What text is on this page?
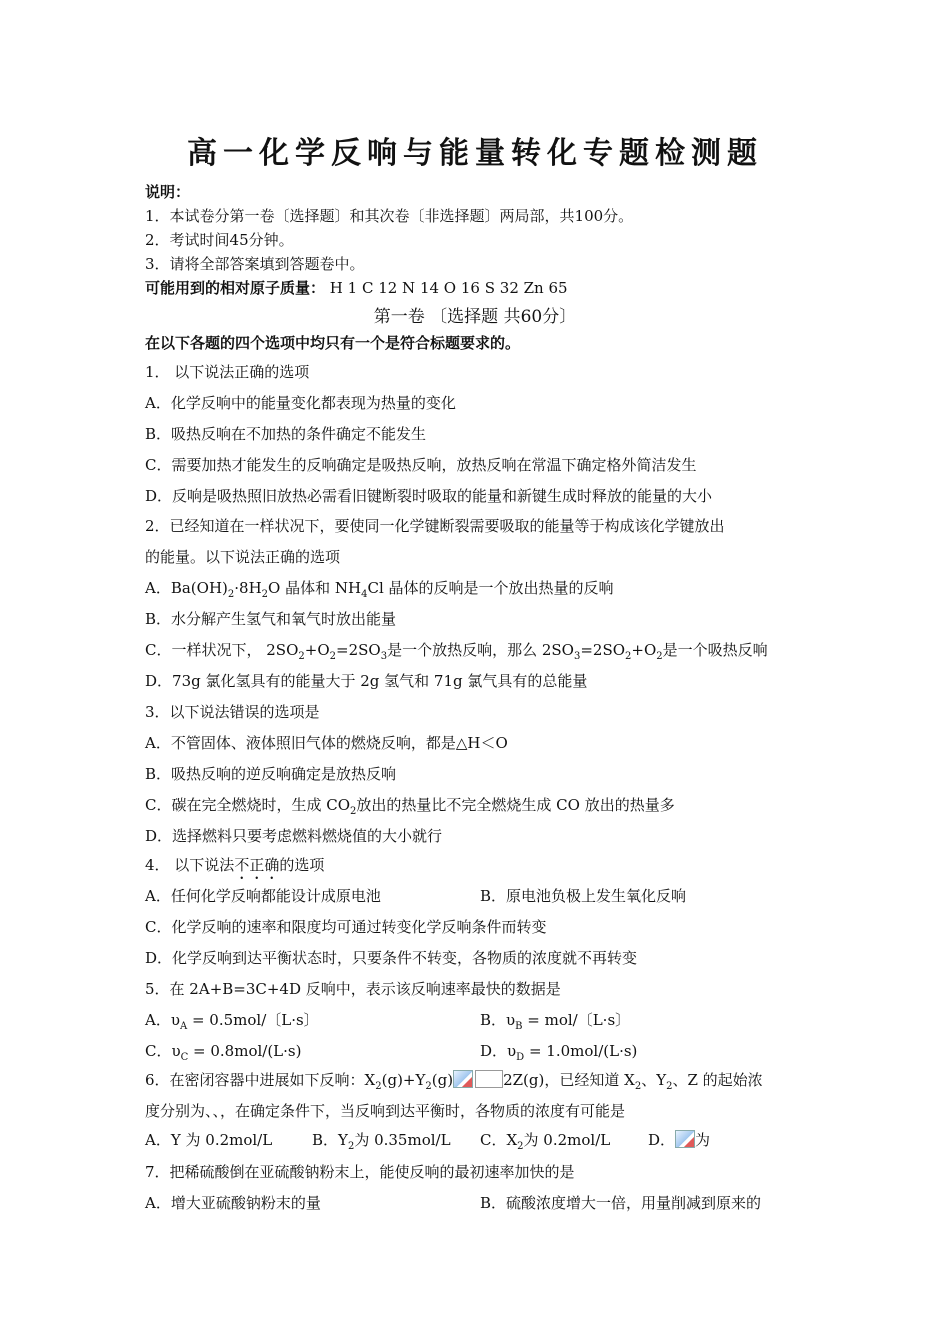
高一化学反响与能量转化专题检测题
说明：
1．本试卷分第一卷〔选择题〕和其次卷〔非选择题〕两局部，共100分。
2．考试时间45分钟。
3．请将全部答案填到答题卷中。
可能用到的相对原子质量： H 1 C 12 N 14 O 16 S 32 Zn 65
第一卷 〔选择题 共60分〕
在以下各题的四个选项中均只有一个是符合标题要求的。
1． 以下说法正确的选项
A．化学反响中的能量变化都表现为热量的变化
B．吸热反响在不加热的条件确定不能发生
C．需要加热才能发生的反响确定是吸热反响，放热反响在常温下确定格外简洁发生
D．反响是吸热照旧放热必需看旧键断裂时吸取的能量和新键生成时释放的能量的大小
2．已经知道在一样状况下，要使同一化学键断裂需要吸取的能量等于构成该化学键放出
的能量。以下说法正确的选项
A．$Ba(OH)_2\cdot 8H_2O$ 晶体和 $NH_4Cl$ 晶体的反响是一个放出热量的反响
B．水分解产生氢气和氧气时放出能量
C．一样状况下， $2SO_2+O_2=2SO_3$是一个放热反响，那么 $2SO_3=2SO_2+O_2$是一个吸热反响
D．73g 氯化氢具有的能量大于 2g 氢气和 71g 氯气具有的总能量
3．以下说法错误的选项是
A．不管固体、液体照旧气体的燃烧反响，都是△H＜O
B．吸热反响的逆反响确定是放热反响
C．碳在完全燃烧时，生成 $CO_2$放出的热量比不完全燃烧生成 CO 放出的热量多
D．选择燃料只要考虑燃料燃烧值的大小就行
4． 以下说法不正确的选项
A．任何化学反响都能设计成原电池	B．原电池负极上发生氧化反响
C．化学反响的速率和限度均可通过转变化学反响条件而转变
D．化学反响到达平衡状态时，只要条件不转变，各物质的浓度就不再转变
5．在 2A+B=3C+4D 反响中，表示该反响速率最快的数据是
A．$\upsilon_A = 0.5mol/$〔L·s〕	B．$\upsilon_B = mol/$〔L·s〕
C．$\upsilon_C = 0.8mol/(L\cdot s)$	D．$\upsilon_D = 1.0mol/(L\cdot s)$
6．在密闭容器中进展如下反响：$X_2(g)+Y_2(g)$	2Z(g)，已经知道 $X_2$、$Y_2$、Z 的起始浓
度分别为、、，在确定条件下，当反响到达平衡时，各物质的浓度有可能是
A．Y 为 0.2mol/L	B．$Y_2$为 0.35mol/L C．$X_2$为 0.2mol/L	D． 为
7．把稀硫酸倒在亚硫酸钠粉末上，能使反响的最初速率加快的是
A．增大亚硫酸钠粉末的量	B．硫酸浓度增大一倍，用量削减到原来的
